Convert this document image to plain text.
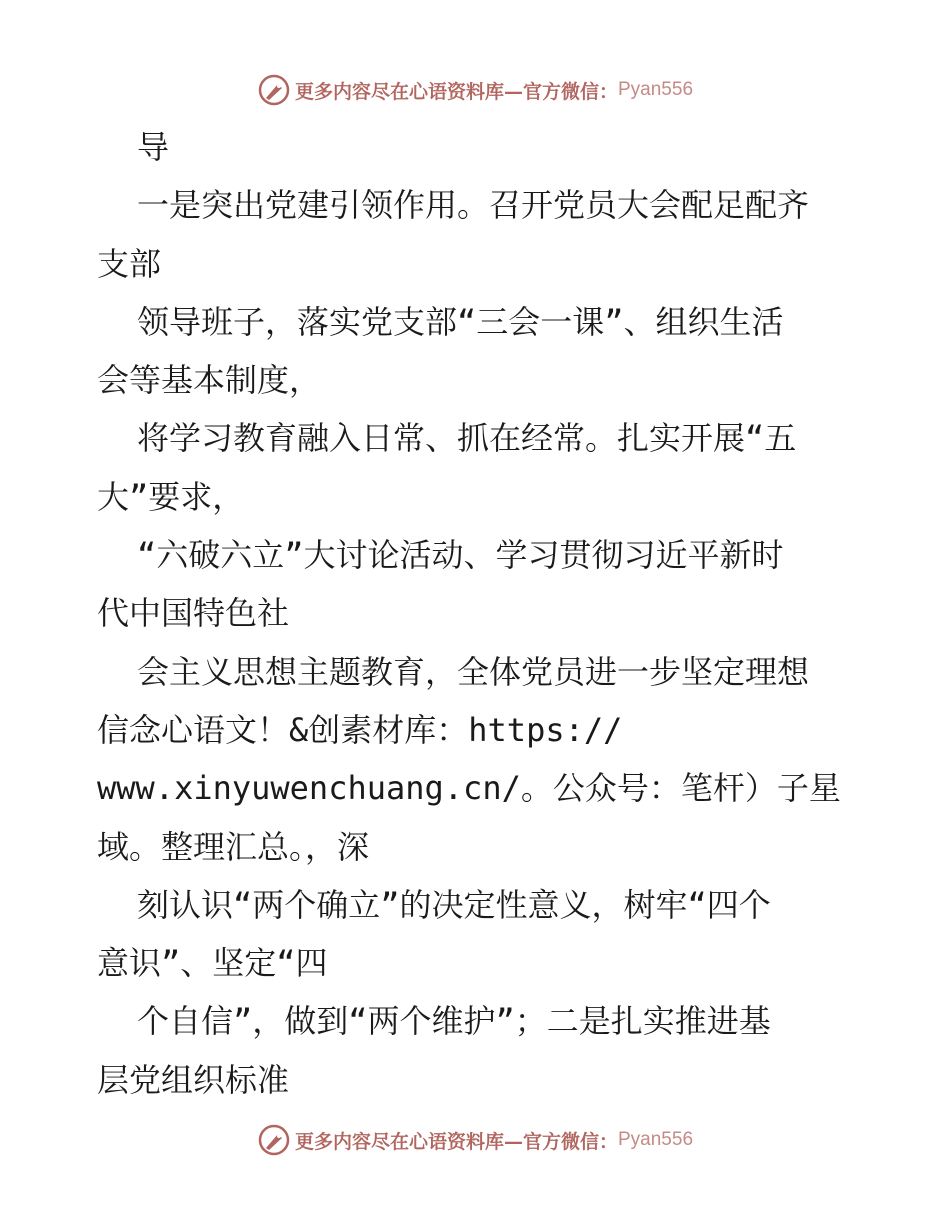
更多内容尽在心语资料库—官方微信： Pyan556
导
一是突出党建引领作用。召开党员大会配足配齐
支部
领导班子，落实党支部“三会一课”、组织生活
会等基本制度，
将学习教育融入日常、抓在经常。扎实开展“五
大”要求，
“六破六立”大讨论活动、学习贯彻习近平新时
代中国特色社
会主义思想主题教育，全体党员进一步坚定理想
信念心语文！&创素材库：https://
www.xinyuwenchuang.cn/。公众号：笔杆）子星
域。整理汇总。，深
刻认识“两个确立”的决定性意义，树牢“四个
意识”、坚定“四
个自信”，做到“两个维护”；二是扎实推进基
层党组织标准
更多内容尽在心语资料库—官方微信： Pyan556
